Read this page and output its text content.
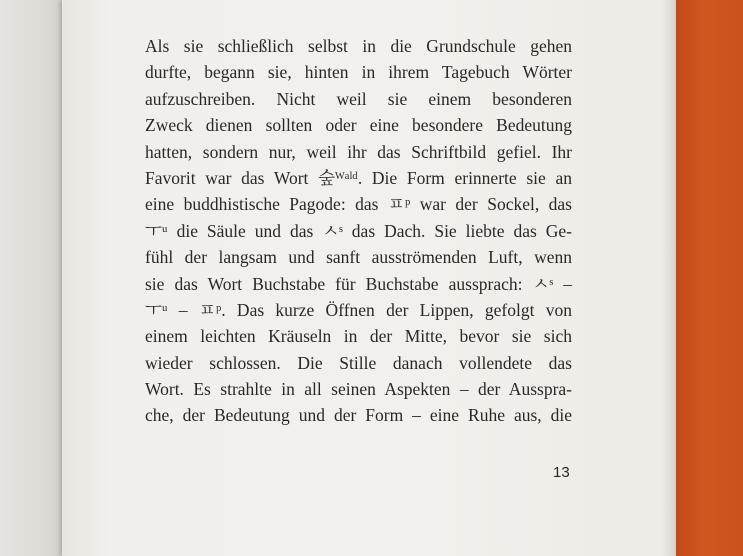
Als sie schließlich selbst in die Grundschule gehen
durfte, begann sie, hinten in ihrem Tagebuch Wörter
aufzuschreiben. Nicht weil sie einem besonderen
Zweck dienen sollten oder eine besondere Bedeutung
hatten, sondern nur, weil ihr das Schriftbild gefiel. Ihr
Favorit war das Wort 숲ᵂᵃˡᵈ. Die Form erinnerte sie an
eine buddhistische Pagode: das ㅍᵖ war der Sockel, das
ㅜᵘ die Säule und das ㅅˢ das Dach. Sie liebte das Ge-
fühl der langsam und sanft ausströmenden Luft, wenn
sie das Wort Buchstabe für Buchstabe aussprach: ㅅˢ –
ㅜᵘ – ㅍᵖ. Das kurze Öffnen der Lippen, gefolgt von
einem leichten Kräuseln in der Mitte, bevor sie sich
wieder schlossen. Die Stille danach vollendete das
Wort. Es strahlte in all seinen Aspekten – der Ausspra-
che, der Bedeutung und der Form – eine Ruhe aus, die
13
